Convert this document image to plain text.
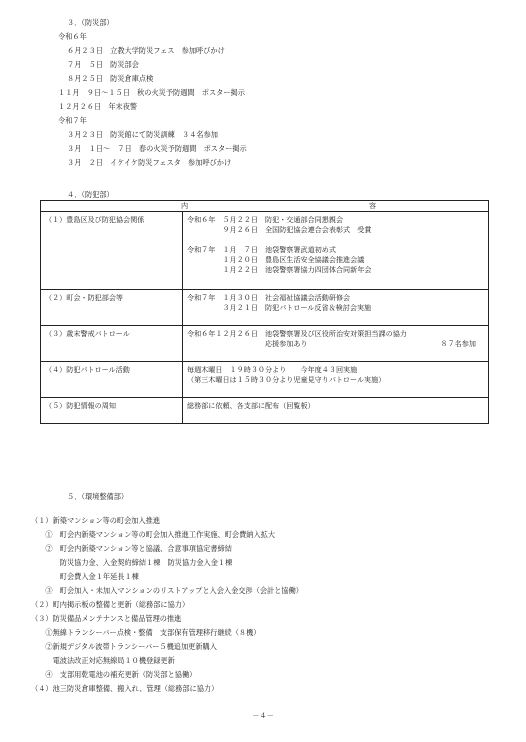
３．（防災部）
令和６年
６月２３日　立教大学防災フェス　参加呼びかけ
７月　５日　防災部会
８月２５日　防災倉庫点検
１１月　９日～１５日　秋の火災予防週間　ポスター掲示
１２月２６日　年末夜警
令和７年
３月２３日　防災館にて防災訓練　３４名参加
３月　１日～　７日　春の火災予防週間　ポスター掲示
３月　２日　イケイケ防災フェスタ　参加呼びかけ
４．（防犯部）
内 容	

（１）豊島区及び防犯協会関係	令和６年　５月２２日　防犯・交通部合同懇親会
　　　　　９月２６日　全国防犯協会連合会表彰式　受賞

令和７年　１月　７日　池袋警察署武道初め式
　　　　　１月２０日　豊島区生活安全協議会推進会議
　　　　　１月２２日　池袋警察署協力四団体合同新年会

（２）町会・防犯部会等	令和７年　１月３０日　社会福祉協議会活動研修会
　　　　　３月２１日　防犯パトロール反省＆検討会実施

（３）歳末警戒パトロール	令和６年１２月２６日　池袋警察署及び区役所治安対策担当課の協力
　　　　　　　　　　　応援参加あり ８７名参加

（４）防犯パトロール活動	毎週木曜日　１９時３０分より　　今年度４３回実施
（第三木曜日は１５時３０分より児童見守りパトロール実施）

（５）防犯情報の周知	総務部に依頼、各支部に配布（回覧板）
５．（環境整備部）
（１）新築マンション等の町会加入推進
　　①　町会内新築マンション等の町会加入推進工作実施、町会費納入拡大
　　②　町会内新築マンション等と協議、合意事項協定書締結
　　　　防災協力金、入金契約締結１棟　防災協力金入金１棟
　　　　町会費入金１年延長１棟
　　③　町会加入・未加入マンションのリストアップと入会入金交渉（会計と協働）
（２）町内掲示板の整備と更新（総務部に協力）
（３）防災備品メンテナンスと備品管理の推進
　　①無線トランシーバー点検・整備　支部保有管理移行継続（８機）
　　②新規デジタル波帯トランシーバー５機追加更新購入
　　　電波法改正対応無線局１０機登録更新
　　④　支部用乾電池の補充更新（防災部と協働）
（４）池三防災倉庫整備、搬入れ、管理（総務部に協力）
－４－
